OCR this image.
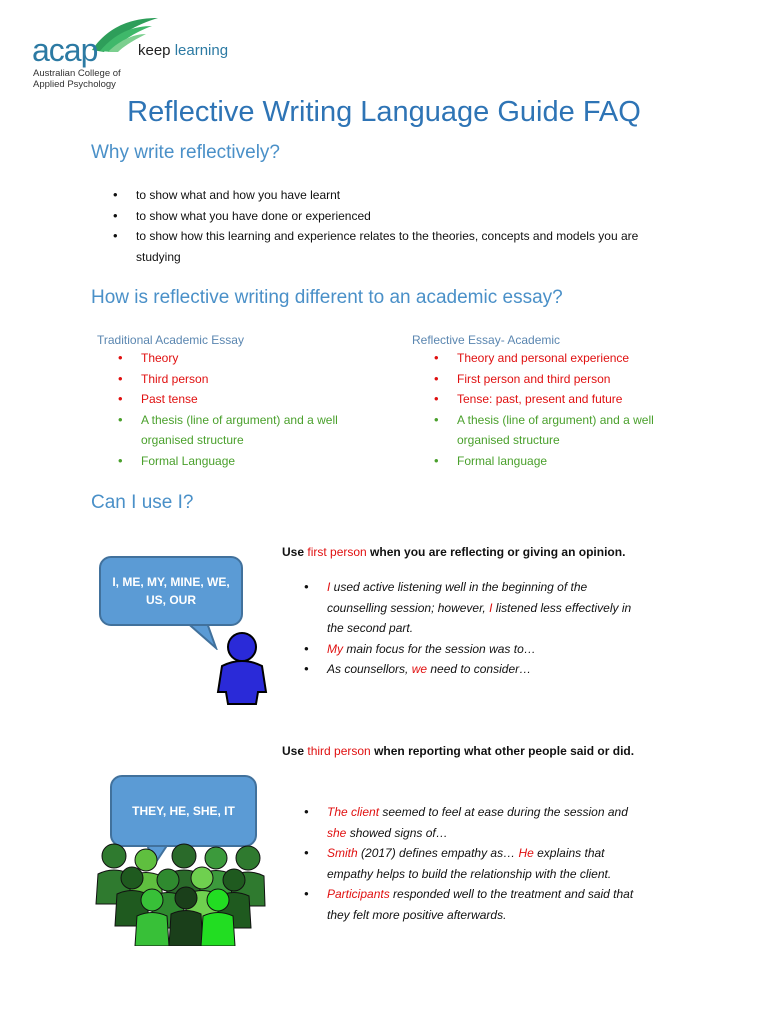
acap	keep learning
Australian College of Applied Psychology
Reflective Writing Language Guide FAQ
Why write reflectively?
• to show what and how you have learnt
• to show what you have done or experienced
• to show how this learning and experience relates to the theories, concepts and models you are studying
How is reflective writing different to an academic essay?
Traditional Academic Essay
• Theory
• Third person
• Past tense
• A thesis (line of argument) and a well organised structure
• Formal Language
Reflective Essay- Academic
• Theory and personal experience
• First person and third person
• Tense: past, present and future
• A thesis (line of argument) and a well organised structure
• Formal language
Can I use I?
I, ME, MY, MINE, WE, US, OUR
Use first person when you are reflecting or giving an opinion.
• I used active listening well in the beginning of the counselling session; however, I listened less effectively in the second part.
• My main focus for the session was to…
• As counsellors, we need to consider…
THEY, HE, SHE, IT
Use third person when reporting what other people said or did.
• The client seemed to feel at ease during the session and she showed signs of…
• Smith (2017) defines empathy as… He explains that empathy helps to build the relationship with the client.
• Participants responded well to the treatment and said that they felt more positive afterwards.
